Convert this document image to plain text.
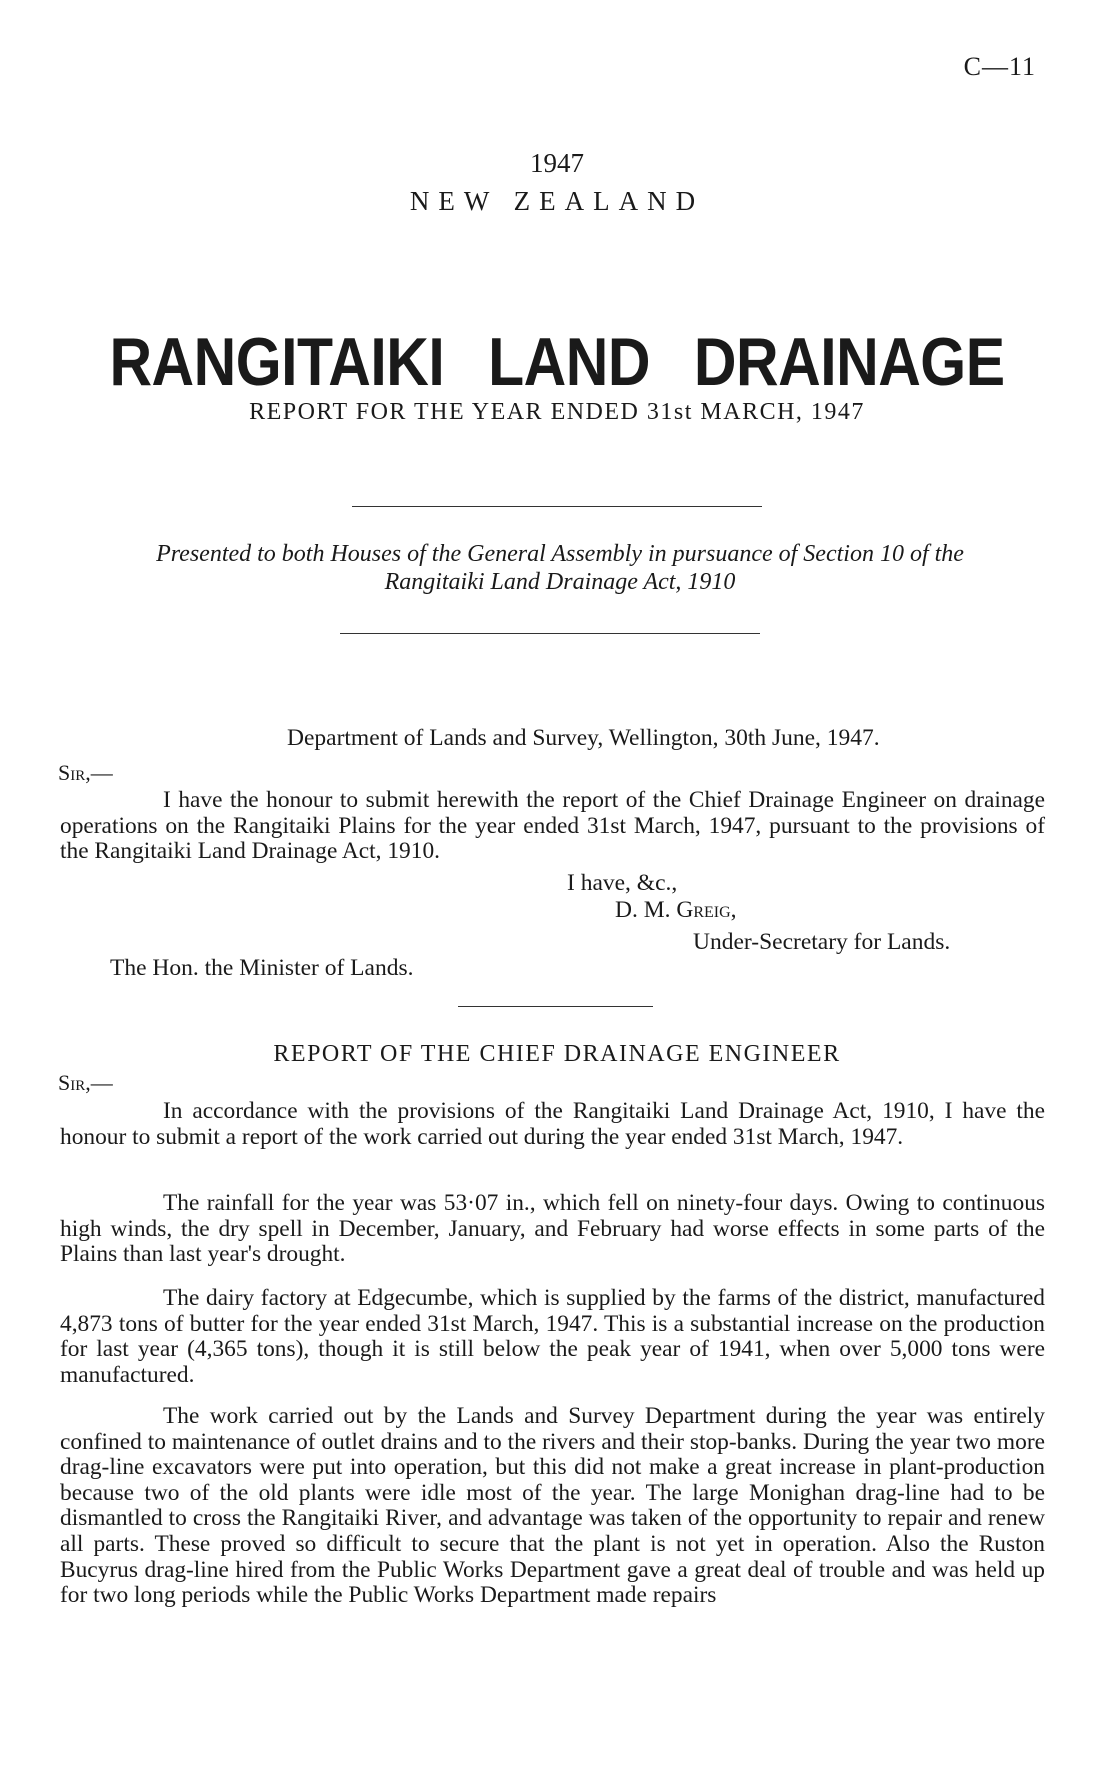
C—11
1947
NEW ZEALAND
RANGITAIKI LAND DRAINAGE
REPORT FOR THE YEAR ENDED 31st MARCH, 1947
Presented to both Houses of the General Assembly in pursuance of Section 10 of the
Rangitaiki Land Drainage Act, 1910
Department of Lands and Survey, Wellington, 30th June, 1947.
Sir,—

I have the honour to submit herewith the report of the Chief Drainage Engineer on drainage operations on the Rangitaiki Plains for the year ended 31st March, 1947, pursuant to the provisions of the Rangitaiki Land Drainage Act, 1910.

I have, &c.,
D. M. Greig,
Under-Secretary for Lands.
The Hon. the Minister of Lands.
REPORT OF THE CHIEF DRAINAGE ENGINEER
Sir,—

In accordance with the provisions of the Rangitaiki Land Drainage Act, 1910, I have the honour to submit a report of the work carried out during the year ended 31st March, 1947.

The rainfall for the year was 53·07 in., which fell on ninety-four days. Owing to continuous high winds, the dry spell in December, January, and February had worse effects in some parts of the Plains than last year's drought.

The dairy factory at Edgecumbe, which is supplied by the farms of the district, manufactured 4,873 tons of butter for the year ended 31st March, 1947. This is a substantial increase on the production for last year (4,365 tons), though it is still below the peak year of 1941, when over 5,000 tons were manufactured.

The work carried out by the Lands and Survey Department during the year was entirely confined to maintenance of outlet drains and to the rivers and their stop-banks. During the year two more drag-line excavators were put into operation, but this did not make a great increase in plant-production because two of the old plants were idle most of the year. The large Monighan drag-line had to be dismantled to cross the Rangitaiki River, and advantage was taken of the opportunity to repair and renew all parts. These proved so difficult to secure that the plant is not yet in operation. Also the Ruston Bucyrus drag-line hired from the Public Works Department gave a great deal of trouble and was held up for two long periods while the Public Works Department made repairs
